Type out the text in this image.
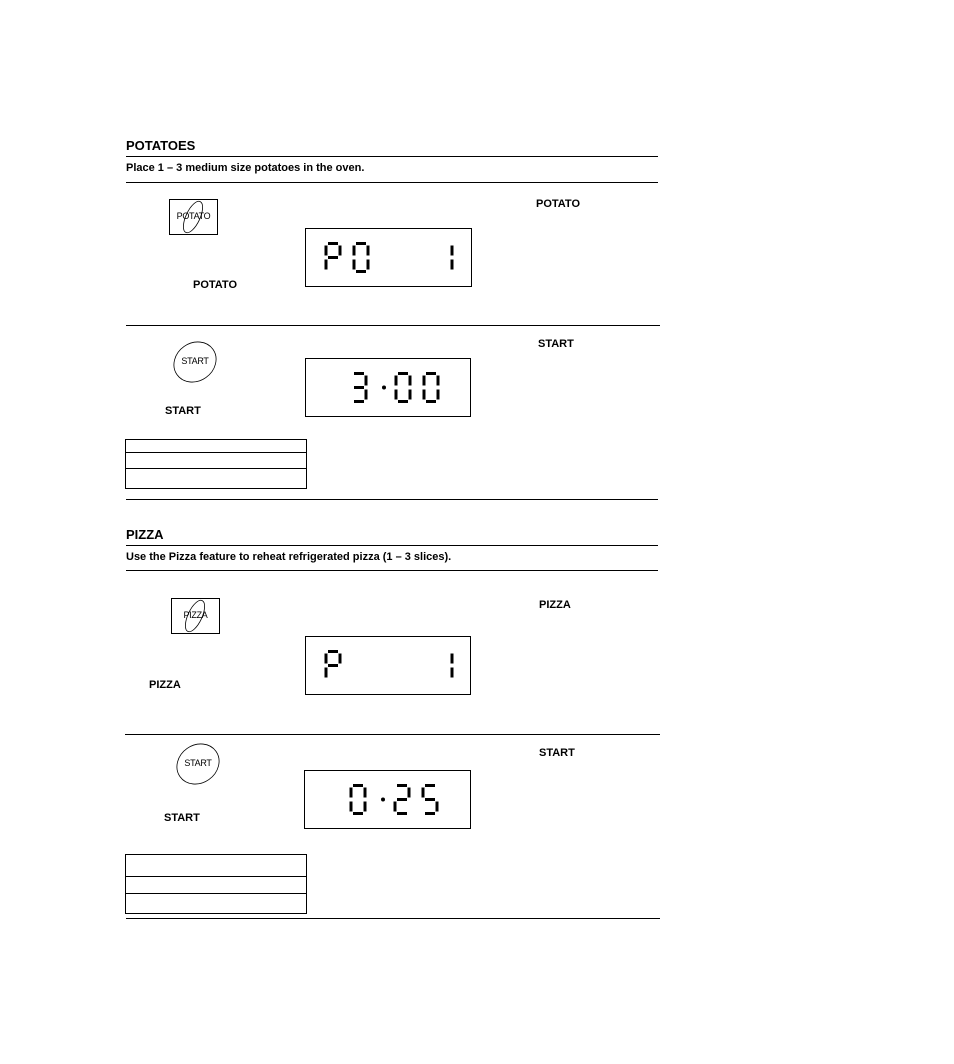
POTATOES
Place 1 – 3 medium size potatoes in the oven.
POTATO
POTATO
POTATO
START
START
START
PIZZA
Use the Pizza feature to reheat refrigerated pizza (1 – 3 slices).
PIZZA
PIZZA
PIZZA
START
START
START
